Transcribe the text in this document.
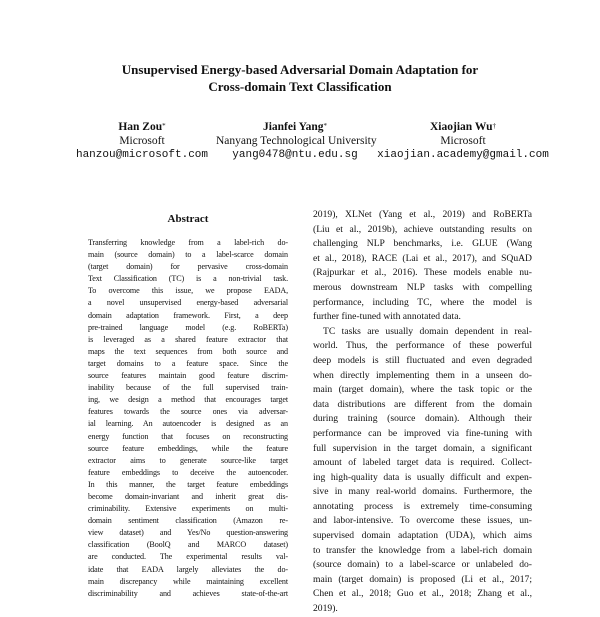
Unsupervised Energy-based Adversarial Domain Adaptation for
Cross-domain Text Classification
Han Zou*
Microsoft
hanzou@microsoft.com
Jianfei Yang*
Nanyang Technological University
yang0478@ntu.edu.sg
Xiaojian Wu†
Microsoft
xiaojian.academy@gmail.com
Abstract
Transferring knowledge from a label-rich do-
main (source domain) to a label-scarce domain
(target domain) for pervasive cross-domain
Text Classification (TC) is a non-trivial task.
To overcome this issue, we propose EADA,
a novel unsupervised energy-based adversarial
domain adaptation framework. First, a deep
pre-trained language model (e.g. RoBERTa)
is leveraged as a shared feature extractor that
maps the text sequences from both source and
target domains to a feature space. Since the
source features maintain good feature discrim-
inability because of the full supervised train-
ing, we design a method that encourages target
features towards the source ones via adversar-
ial learning. An autoencoder is designed as an
energy function that focuses on reconstructing
source feature embeddings, while the feature
extractor aims to generate source-like target
feature embeddings to deceive the autoencoder.
In this manner, the target feature embeddings
become domain-invariant and inherit great dis-
criminability. Extensive experiments on multi-
domain sentiment classification (Amazon re-
view dataset) and Yes/No question-answering
classification (BoolQ and MARCO dataset)
are conducted. The experimental results val-
idate that EADA largely alleviates the do-
main discrepancy while maintaining excellent
discriminability and achieves state-of-the-art
2019), XLNet (Yang et al., 2019) and RoBERTa
(Liu et al., 2019b), achieve outstanding results on
challenging NLP benchmarks, i.e. GLUE (Wang
et al., 2018), RACE (Lai et al., 2017), and SQuAD
(Rajpurkar et al., 2016). These models enable nu-
merous downstream NLP tasks with compelling
performance, including TC, where the model is
further fine-tuned with annotated data.
TC tasks are usually domain dependent in real-
world. Thus, the performance of these powerful
deep models is still fluctuated and even degraded
when directly implementing them in a unseen do-
main (target domain), where the task topic or the
data distributions are different from the domain
during training (source domain). Although their
performance can be improved via fine-tuning with
full supervision in the target domain, a significant
amount of labeled target data is required. Collect-
ing high-quality data is usually difficult and expen-
sive in many real-world domains. Furthermore, the
annotating process is extremely time-consuming
and labor-intensive. To overcome these issues, un-
supervised domain adaptation (UDA), which aims
to transfer the knowledge from a label-rich domain
(source domain) to a label-scarce or unlabeled do-
main (target domain) is proposed (Li et al., 2017;
Chen et al., 2018; Guo et al., 2018; Zhang et al.,
2019).
